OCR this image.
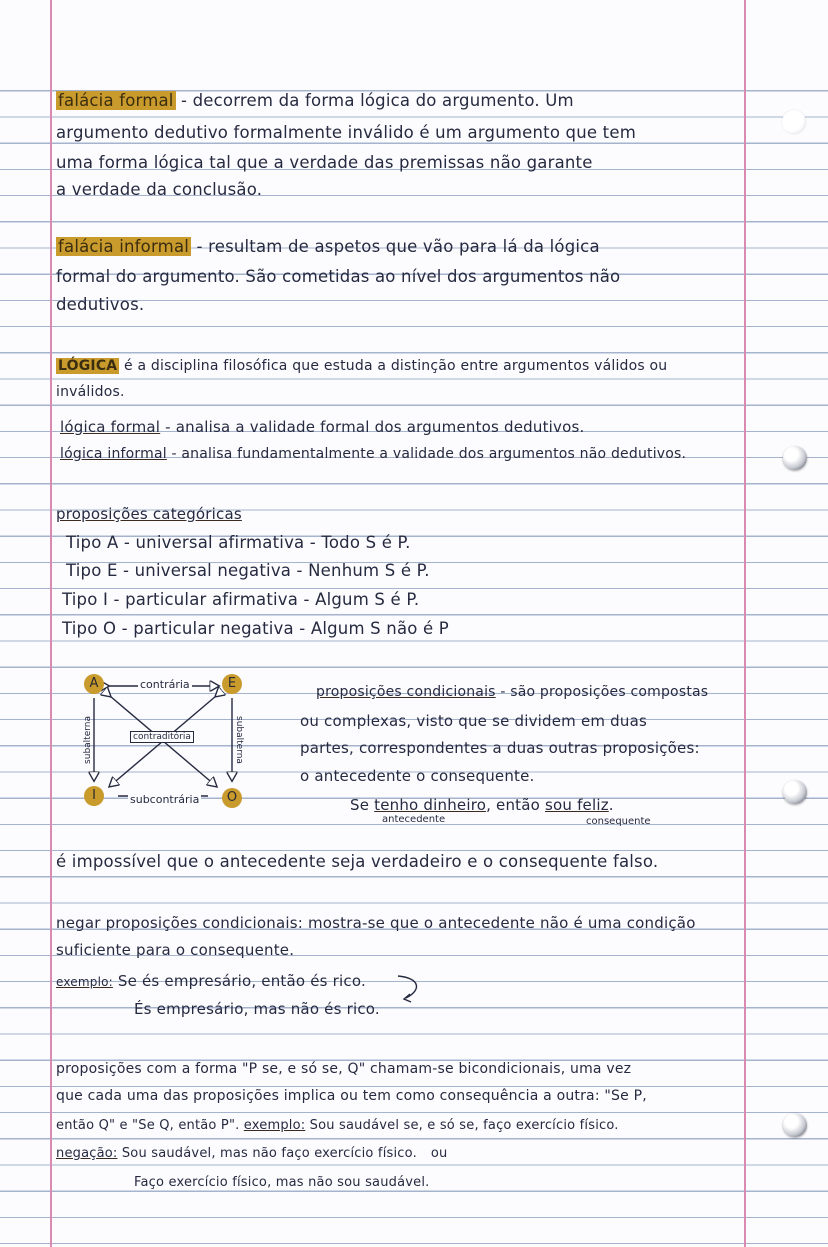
falácia formal - decorrem da forma lógica do argumento. Um
argumento dedutivo formalmente inválido é um argumento que tem
uma forma lógica tal que a verdade das premissas não garante
a verdade da conclusão.
falácia informal - resultam de aspetos que vão para lá da lógica
formal do argumento. São cometidas ao nível dos argumentos não
dedutivos.
LÓGICA é a disciplina filosófica que estuda a distinção entre argumentos válidos ou
inválidos.
lógica formal - analisa a validade formal dos argumentos dedutivos.
lógica informal - analisa fundamentalmente a validade dos argumentos não dedutivos.
proposições categóricas
Tipo A - universal afirmativa - Todo S é P.
Tipo E - universal negativa - Nenhum S é P.
Tipo I - particular afirmativa - Algum S é P.
Tipo O - particular negativa - Algum S não é P
A	E
I	O
contrária
contraditória
subcontrária
subalterna	subalterna
proposições condicionais - são proposições compostas
ou complexas, visto que se dividem em duas
partes, correspondentes a duas outras proposições:
o antecedente o consequente.
Se tenho dinheiro, então sou feliz.
antecedente	consequente
é impossível que o antecedente seja verdadeiro e o consequente falso.
negar proposições condicionais: mostra-se que o antecedente não é uma condição
suficiente para o consequente.
exemplo: Se és empresário, então és rico.
És empresário, mas não és rico.
proposições com a forma "P se, e só se, Q" chamam-se bicondicionais, uma vez
que cada uma das proposições implica ou tem como consequência a outra: "Se P,
então Q" e "Se Q, então P". exemplo: Sou saudável se, e só se, faço exercício físico.
negação: Sou saudável, mas não faço exercício físico. ou
Faço exercício físico, mas não sou saudável.
